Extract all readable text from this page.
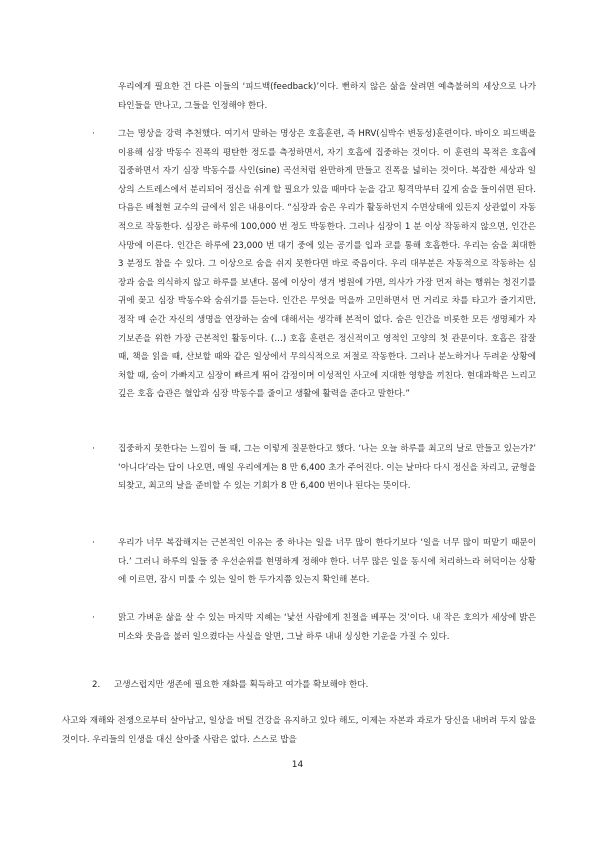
우리에게 필요한 건 다른 이들의 ‘피드백(feedback)’이다. 뻔하지 않은 삶을 살려면 예측불허의 세상으로 나가 타인들을 만나고, 그들을 인정해야 한다.

·	그는 명상을 강력 추천했다. 여기서 말하는 명상은 호흡훈련, 즉 HRV(심박수 변동성)훈련이다. 바이오 피드백을 이용해 심장 박동수 진폭의 평탄한 정도를 측정하면서, 자기 호흡에 집중하는 것이다. 이 훈련의 목적은 호흡에 집중하면서 자기 심장 박동수를 사인(sine) 곡선처럼 완만하게 만들고 진폭을 넓히는 것이다. 복잡한 세상과 일상의 스트레스에서 분리되어 정신을 쉬게 할 필요가 있을 때마다 눈을 감고 횡격막부터 깊게 숨을 들이쉬면 된다. 다음은 배철현 교수의 글에서 읽은 내용이다. “심장과 숨은 우리가 활동하던지 수면상태에 있든지 상관없이 자동적으로 작동한다. 심장은 하루에 100,000 번 정도 박동한다. 그러나 심장이 1 분 이상 작동하지 않으면, 인간은 사망에 이른다. 인간은 하루에 23,000 번 대기 중에 있는 공기를 입과 코를 통해 호흡한다. 우리는 숨을 최대한 3 분정도 참을 수 있다. 그 이상으로 숨을 쉬지 못한다면 바로 죽음이다. 우리 대부분은 자동적으로 작동하는 심장과 숨을 의식하지 않고 하루를 보낸다. 몸에 이상이 생겨 병원에 가면, 의사가 가장 먼저 하는 행위는 청진기를 귀에 꽂고 심장 박동수와 숨쉬기를 듣는다. 인간은 무엇을 먹을까 고민하면서 먼 거리로 차를 타고가 즐기지만, 정작 매 순간 자신의 생명을 연장하는 숨에 대해서는 생각해 본적이 없다. 숨은 인간을 비롯한 모든 생명체가 자기보존을 위한 가장 근본적인 활동이다. (…) 호흡 훈련은 정신적이고 영적인 고양의 첫 관문이다. 호흡은 잠잘 때, 책을 읽을 때, 산보할 때와 같은 일상에서 무의식적으로 저절로 작동한다. 그러나 분노하거나 두려운 상황에 처할 때, 숨이 가빠지고 심장이 빠르게 뛰어 감정이며 이성적인 사고에 지대한 영향을 끼친다. 현대과학은 느리고 깊은 호흡 습관은 혈압과 심장 박동수를 줄이고 생활에 활력을 준다고 말한다.”

·	집중하지 못한다는 느낌이 들 때, 그는 이렇게 질문한다고 했다. ‘나는 오늘 하루를 최고의 날로 만들고 있는가?’ ‘아니다’라는 답이 나오면, 매일 우리에게는 8 만 6,400 초가 주어진다. 이는 날마다 다시 정신을 차리고, 균형을 되찾고, 최고의 날을 준비할 수 있는 기회가 8 만 6,400 번이나 된다는 뜻이다.

·	우리가 너무 복잡해지는 근본적인 이유는 중 하나는 일을 너무 많이 한다기보다 ‘일을 너무 많이 떠맡기 때문이다.’ 그러니 하루의 일들 중 우선순위를 현명하게 정해야 한다. 너무 많은 일을 동시에 처리하느라 허덕이는 상황에 이르면, 잠시 미룰 수 있는 일이 한 두가지쯤 있는지 확인해 본다.

·	맑고 가벼운 삶을 살 수 있는 마지막 지혜는 ‘낯선 사람에게 친절을 베푸는 것’이다. 내 작은 호의가 세상에 밝은 미소와 웃음을 불러 일으켰다는 사실을 알면, 그날 하루 내내 싱싱한 기운을 가질 수 있다.

2. 고생스럽지만 생존에 필요한 재화를 획득하고 여가를 확보해야 한다.

사고와 재해와 전쟁으로부터 살아남고, 일상을 버틸 건강을 유지하고 있다 해도, 이제는 자본과 과로가 당신을 내버려 두지 않을 것이다. 우리들의 인생을 대신 살아줄 사람은 없다. 스스로 밥을

14
